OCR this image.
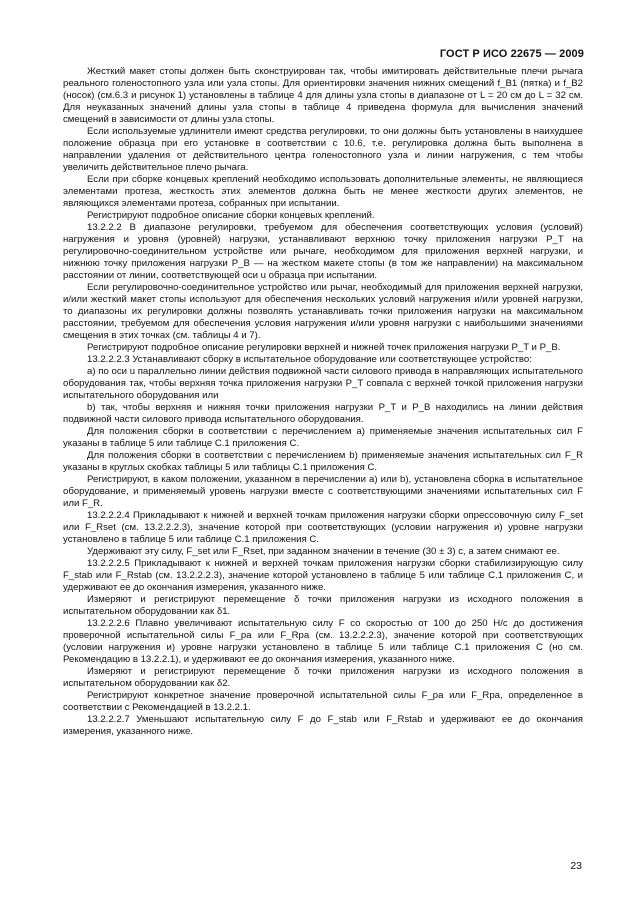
ГОСТ Р ИСО 22675 — 2009

Жесткий макет стопы должен быть сконструирован так, чтобы имитировать действительные плечи рычага реального голеностопного узла или узла стопы. Для ориентировки значения нижних смещений f_B1 (пятка) и f_B2 (носок) (см.6.3 и рисунок 1) установлены в таблице 4 для длины узла стопы в диапазоне от L = 20 см до L = 32 см. Для неуказанных значений длины узла стопы в таблице 4 приведена формула для вычисления значений смещений в зависимости от длины узла стопы.

Если используемые удлинители имеют средства регулировки, то они должны быть установлены в наихудшее положение образца при его установке в соответствии с 10.6, т.е. регулировка должна быть выполнена в направлении удаления от действительного центра голеностопного узла и линии нагружения, с тем чтобы увеличить действительное плечо рычага.

Если при сборке концевых креплений необходимо использовать дополнительные элементы, не являющиеся элементами протеза, жесткость этих элементов должна быть не менее жесткости других элементов, не являющихся элементами протеза, собранных при испытании.

Регистрируют подробное описание сборки концевых креплений.

13.2.2.2 В диапазоне регулировки, требуемом для обеспечения соответствующих условия (условий) нагружения и уровня (уровней) нагрузки, устанавливают верхнюю точку приложения нагрузки P_T на регулировочно-соединительном устройстве или рычаге, необходимом для приложения верхней нагрузки, и нижнюю точку приложения нагрузки P_B — на жестком макете стопы (в том же направлении) на максимальном расстоянии от линии, соответствующей оси u образца при испытании.

Если регулировочно-соединительное устройство или рычаг, необходимый для приложения верхней нагрузки, и/или жесткий макет стопы используют для обеспечения нескольких условий нагружения и/или уровней нагрузки, то диапазоны их регулировки должны позволять устанавливать точки приложения нагрузки на максимальном расстоянии, требуемом для обеспечения условия нагружения и/или уровня нагрузки с наибольшими значениями смещения в этих точках (см. таблицы 4 и 7).

Регистрируют подробное описание регулировки верхней и нижней точек приложения нагрузки P_T и P_B.

13.2.2.2.3 Устанавливают сборку в испытательное оборудование или соответствующее устройство:

а) по оси u параллельно линии действия подвижной части силового привода в направляющих испытательного оборудования так, чтобы верхняя точка приложения нагрузки P_T совпала с верхней точкой приложения нагрузки испытательного оборудования или

b) так, чтобы верхняя и нижняя точки приложения нагрузки P_T и P_B находились на линии действия подвижной части силового привода испытательного оборудования.

Для положения сборки в соответствии с перечислением а) применяемые значения испытательных сил F указаны в таблице 5 или таблице С.1 приложения С.

Для положения сборки в соответствии с перечислением b) применяемые значения испытательных сил F_R указаны в круглых скобках таблицы 5 или таблицы С.1 приложения С.

Регистрируют, в каком положении, указанном в перечислении а) или b), установлена сборка в испытательное оборудование, и применяемый уровень нагрузки вместе с соответствующими значениями испытательных сил F или F_R.

13.2.2.2.4 Прикладывают к нижней и верхней точкам приложения нагрузки сборки опрессовочную силу F_set или F_Rset (см. 13.2.2.2.3), значение которой при соответствующих (условии нагружения и) уровне нагрузки установлено в таблице 5 или таблице С.1 приложения С.

Удерживают эту силу, F_set или F_Rset, при заданном значении в течение (30 ± 3) с, а затем снимают ее.

13.2.2.2.5 Прикладывают к нижней и верхней точкам приложения нагрузки сборки стабилизирующую силу F_stab или F_Rstab (см. 13.2.2.2.3), значение которой установлено в таблице 5 или таблице С.1 приложения С, и удерживают ее до окончания измерения, указанного ниже.

Измеряют и регистрируют перемещение δ точки приложения нагрузки из исходного положения в испытательном оборудовании как δ1.

13.2.2.2.6 Плавно увеличивают испытательную силу F со скоростью от 100 до 250 Н/с до достижения проверочной испытательной силы F_pa или F_Rpa (см. 13.2.2.2.3), значение которой при соответствующих (условии нагружения и) уровне нагрузки установлено в таблице 5 или таблице С.1 приложения С (но см. Рекомендацию в 13.2.2.1), и удерживают ее до окончания измерения, указанного ниже.

Измеряют и регистрируют перемещение δ точки приложения нагрузки из исходного положения в испытательном оборудовании как δ2.

Регистрируют конкретное значение проверочной испытательной силы F_pa или F_Rpa, определенное в соответствии с Рекомендацией в 13.2.2.1.

13.2.2.2.7 Уменьшают испытательную силу F до F_stab или F_Rstab и удерживают ее до окончания измерения, указанного ниже.

23
